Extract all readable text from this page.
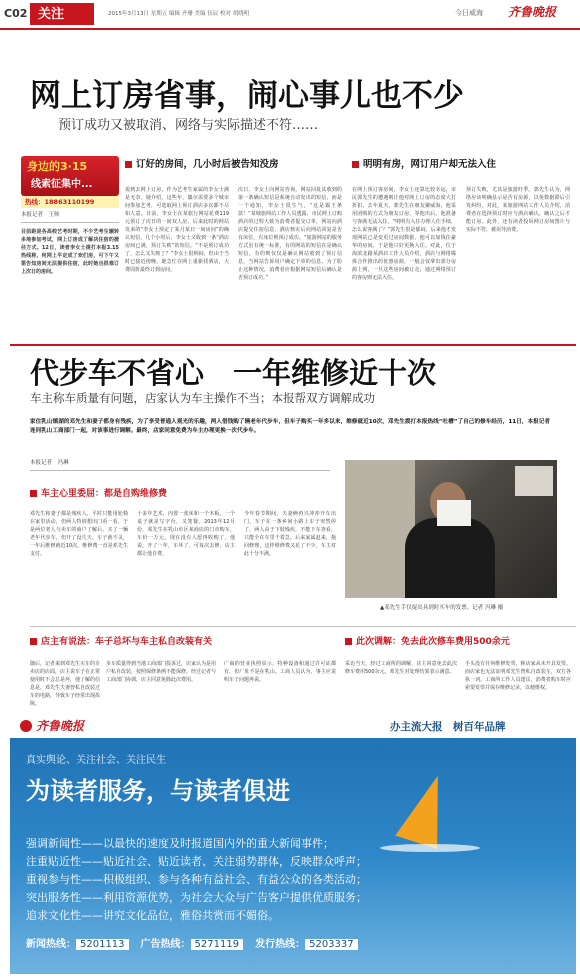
C02 关注	2015年3月13日 星期五 编辑 齐珊 美编 伍辰 校对 胡晓明	今日威海 齐鲁晚报
网上订房省事，闹心事儿也不少
预订成功又被取消、网络与实际描述不符……
身边的3·15
线索征集中...
热线：18863110199
本报记者　王帅
目前距是各高校艺考时期，不少艺考生辗转多地参加考试，网上订房成了解决住宿的捷径方式。12日，读者李女士提打本报3.15热线称，何网上平定成了欢们房，可下午又第告知房间无法提供住宿，此时她也很难订上次日的房间。
订好的房间，几小时后被告知没房	明明有房，网订用户却无法入住
说到去网上订房，作为艺考生家属的李女士满是无奈。她介绍，这些年，偶尔需要多个城市间参加艺考，可选取网上预订酒店多次都不尽如人意。日前，李女士在某旅行网站花费119元预订了次日的一间双人房，后来此时的网站发来的“李女士预定了某月某日一间房间”的确认短信，几个小时后，李女士又收到一条“酒店房间已满，预订失败”的短信。“不是预订成功了，怎么又失败了？”李女士很纳闷，但由于当时已接近傍晚，她急忙在网上重新找酒店，大费周折最终订到房间。
次日，李女士向网站咨询，网站回复其收到的第一条确认短信是系统自动发出的短信，而是一个通知，李女士很生气，“这是霸王条款！”某城旅网站工作人员透露，市民网上订购酒店的过程大致为消费者提交订单，网站向酒店提交住宿信息，酒店核实后向网站回复是否有床位，有床位则预订成功。“旅游网站的服务方式虽有统一标准，有的网站的短信在是确认短信，有的则仅仅是确认网站收到了预订信息，当网站告诉用户确定下单的信息，为了防止这种情况，消费者应根据网站短信后确认是否预订成功。”
在网上预订客房间，李女士还算比较幸运，市民郭先生的遭遇则让他对网上订房的态度大打折扣。去年夏天，郭先生在朋友聚威海，他采用团购的方式为朋友订房，等他出后，他准备与客满无法入住。“明明有入住办理人住手续，怎么说客满了？”郭先生很是郁闷，后来他才发现网站已是变更过房间数据，他可以加钱住豪华的房间，于是他只好更换入住。对此，位于海滨北路某酒店工作人员介绍，酒店与网络媒体合作推出的优惠房源，一般会仅拿出部分房源上网，一旦这些房间被订走，通过网络预订的客房则无法入住。
预订失败，尤其是旅游旺季。郭先生认为，网络应该明确显示是否有房源，以免数据滞后引发纠纷。对此，某旅游网站工作人员介绍，消费者在选择预订时应与酒店确认，确认之后才能订房。此外，还有读者投诉网订房间图片与实际不符，被误导消费。
代步车不省心　一年维修近十次
车主称车质量有问题，店家认为车主操作不当；本报帮双方调解成功
家住乳山镇湖的邓先生和妻子都身有残疾，为了享受普通人观光的乐趣，两人借钱购了辆老年代步车，但车子购买一年多以来，维修就近10次，邓先生拨打本报热线“吐槽”了自己的修车经历，11日，本报记者连同乳山工商部门一起，对该事进行调解。最终，店家同意免费为车主办理更换一次代步车。
本报记者　冯琳
车主心里委屈：都是自购维修费
邓先生和妻子都是残疾人，平时只能用轮椅在家里活动，但两人特别想出门看一看，于是两位老人与卖车的商户了解后，买了一辆老年代步车，但开了没几天，车子就不灵，一年后维修就近10次，维修费一直是邓先生支付。
十多年艺术，内置一张床和一个木板，一个桌子就是写字台，又笼餐。2013年12月份，邓先生在乳山市区某商店的门市购车，车价一万元，现在没有人愿再收购了，他说，开了一年，车坏了，可每次去修，店主都让他自费。
今年春节期间，夫妻俩再兴冲冲开车出门，车子在一条乡间小路上车子突然停了，两人由于下肢残疾，不能下车查看，只能全在车里干着急。后来家属赶来，拖回修理，这样维修费又花了不少，车主对此十分不满。
▲邓先生手仅捉出具到时买车的发票。记者 冯琳 摄
店主有说法：车子总坏与车主私自改装有关	此次调解：免去此次修车费用500余元
随后，记者来到邓先生买车的专卖店的店面，店主说车子在正常使用时不会总是坏，他了解的信息是，邓先生夫妻曾私自改装过车的电路，导致车子经常出现故障。
步车质量得到当地工商部门投诉过，店家认为是用户私自改装，按照保修条例不能保修。经过记者与工商部门协调，店主同意免除此次费用。
广商的营业执照显示，特种设备和通过许可证都有，但厂址不是在乳山。工商人员认为，事主应说明车子问题再说。
采访当天，经过工商所的调解，店主同意免去此次修车费用500余元，邓先生对处理结果表示满意。
手头没有任何维修发票，称店家从未开具发票。而店家也无法证明邓先生曾私自改装车，双方各执一词。工商所工作人员建议，消费者购车时应索要发票并保存维修记录，以便维权。
齐鲁晚报	办主流大报　树百年品牌
真实舆论、关注社会、关注民生
为读者服务，与读者俱进
强调新闻性——以最快的速度及时报道国内外的重大新闻事件；
注重贴近性——贴近社会、贴近读者、关注弱势群体，反映群众呼声；
重视参与性——积极组织、参与各种有益社会、有益公众的各类活动；
突出服务性——利用资源优势，为社会大众与广告客户提供优质服务；
追求文化性——讲究文化品位，雅俗共赏而不媚俗。
新闻热线： 5201113 广告热线： 5271119 发行热线： 5203337
